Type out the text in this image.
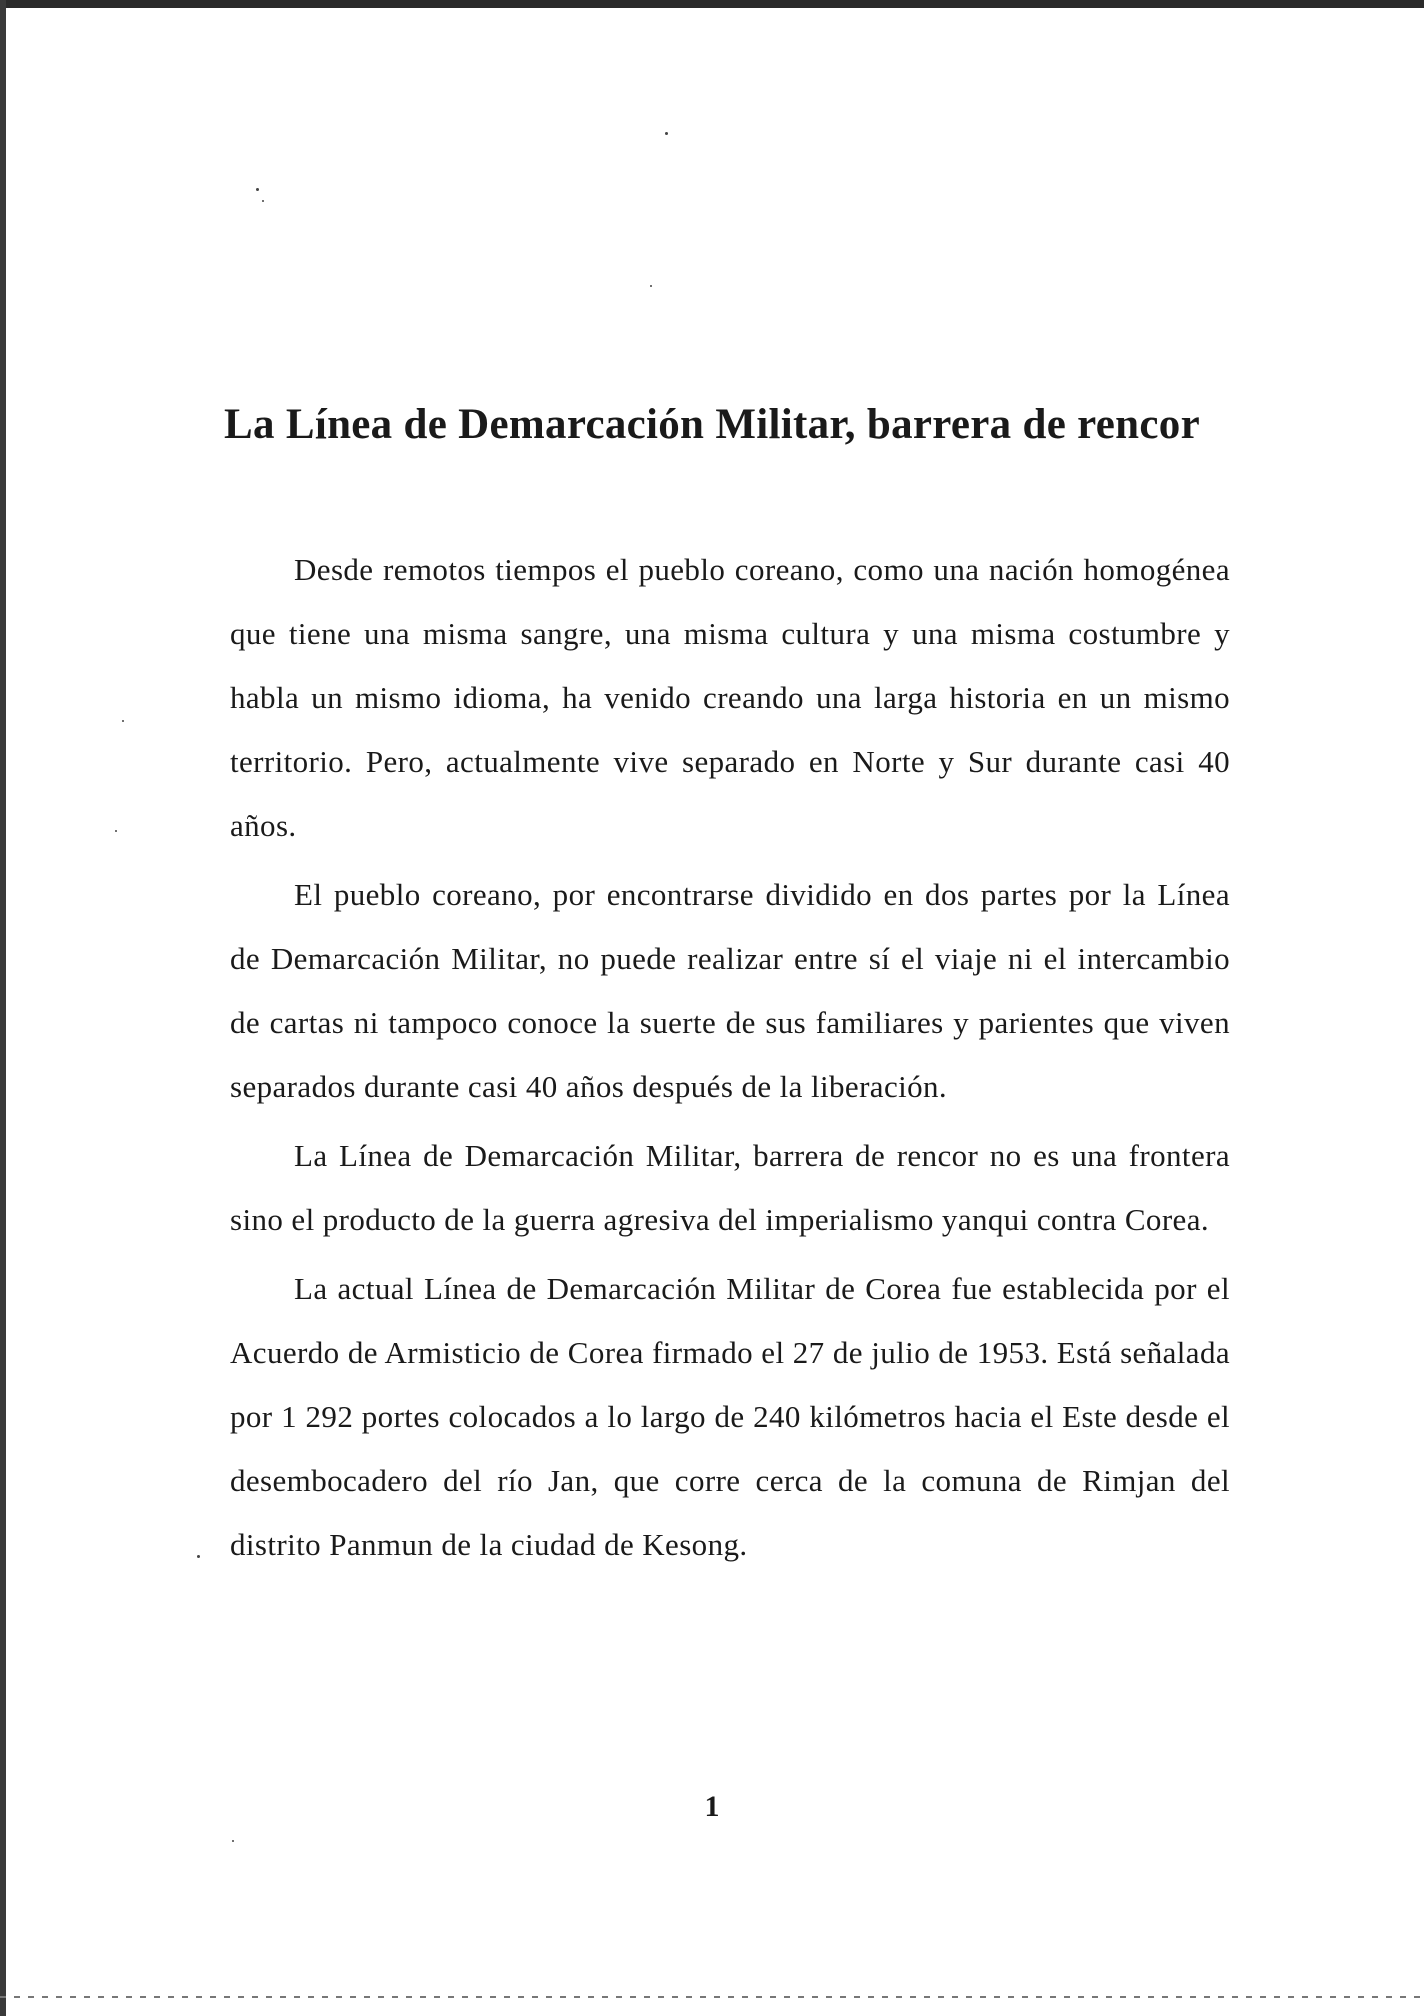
La Línea de Demarcación Militar, barrera de rencor

Desde remotos tiempos el pueblo coreano, como una nación homogénea que tiene una misma sangre, una misma cultura y una misma costumbre y habla un mismo idioma, ha venido creando una larga historia en un mismo territorio. Pero, actualmente vive separado en Norte y Sur durante casi 40 años.

El pueblo coreano, por encontrarse dividido en dos partes por la Línea de Demarcación Militar, no puede realizar entre sí el viaje ni el intercambio de cartas ni tampoco conoce la suerte de sus familiares y parientes que viven separados durante casi 40 años después de la liberación.

La Línea de Demarcación Militar, barrera de rencor no es una frontera sino el producto de la guerra agresiva del imperialismo yanqui contra Corea.

La actual Línea de Demarcación Militar de Corea fue establecida por el Acuerdo de Armisticio de Corea firmado el 27 de julio de 1953. Está señalada por 1 292 portes colocados a lo largo de 240 kilómetros hacia el Este desde el desembocadero del río Jan, que corre cerca de la comuna de Rimjan del distrito Panmun de la ciudad de Kesong.

1
